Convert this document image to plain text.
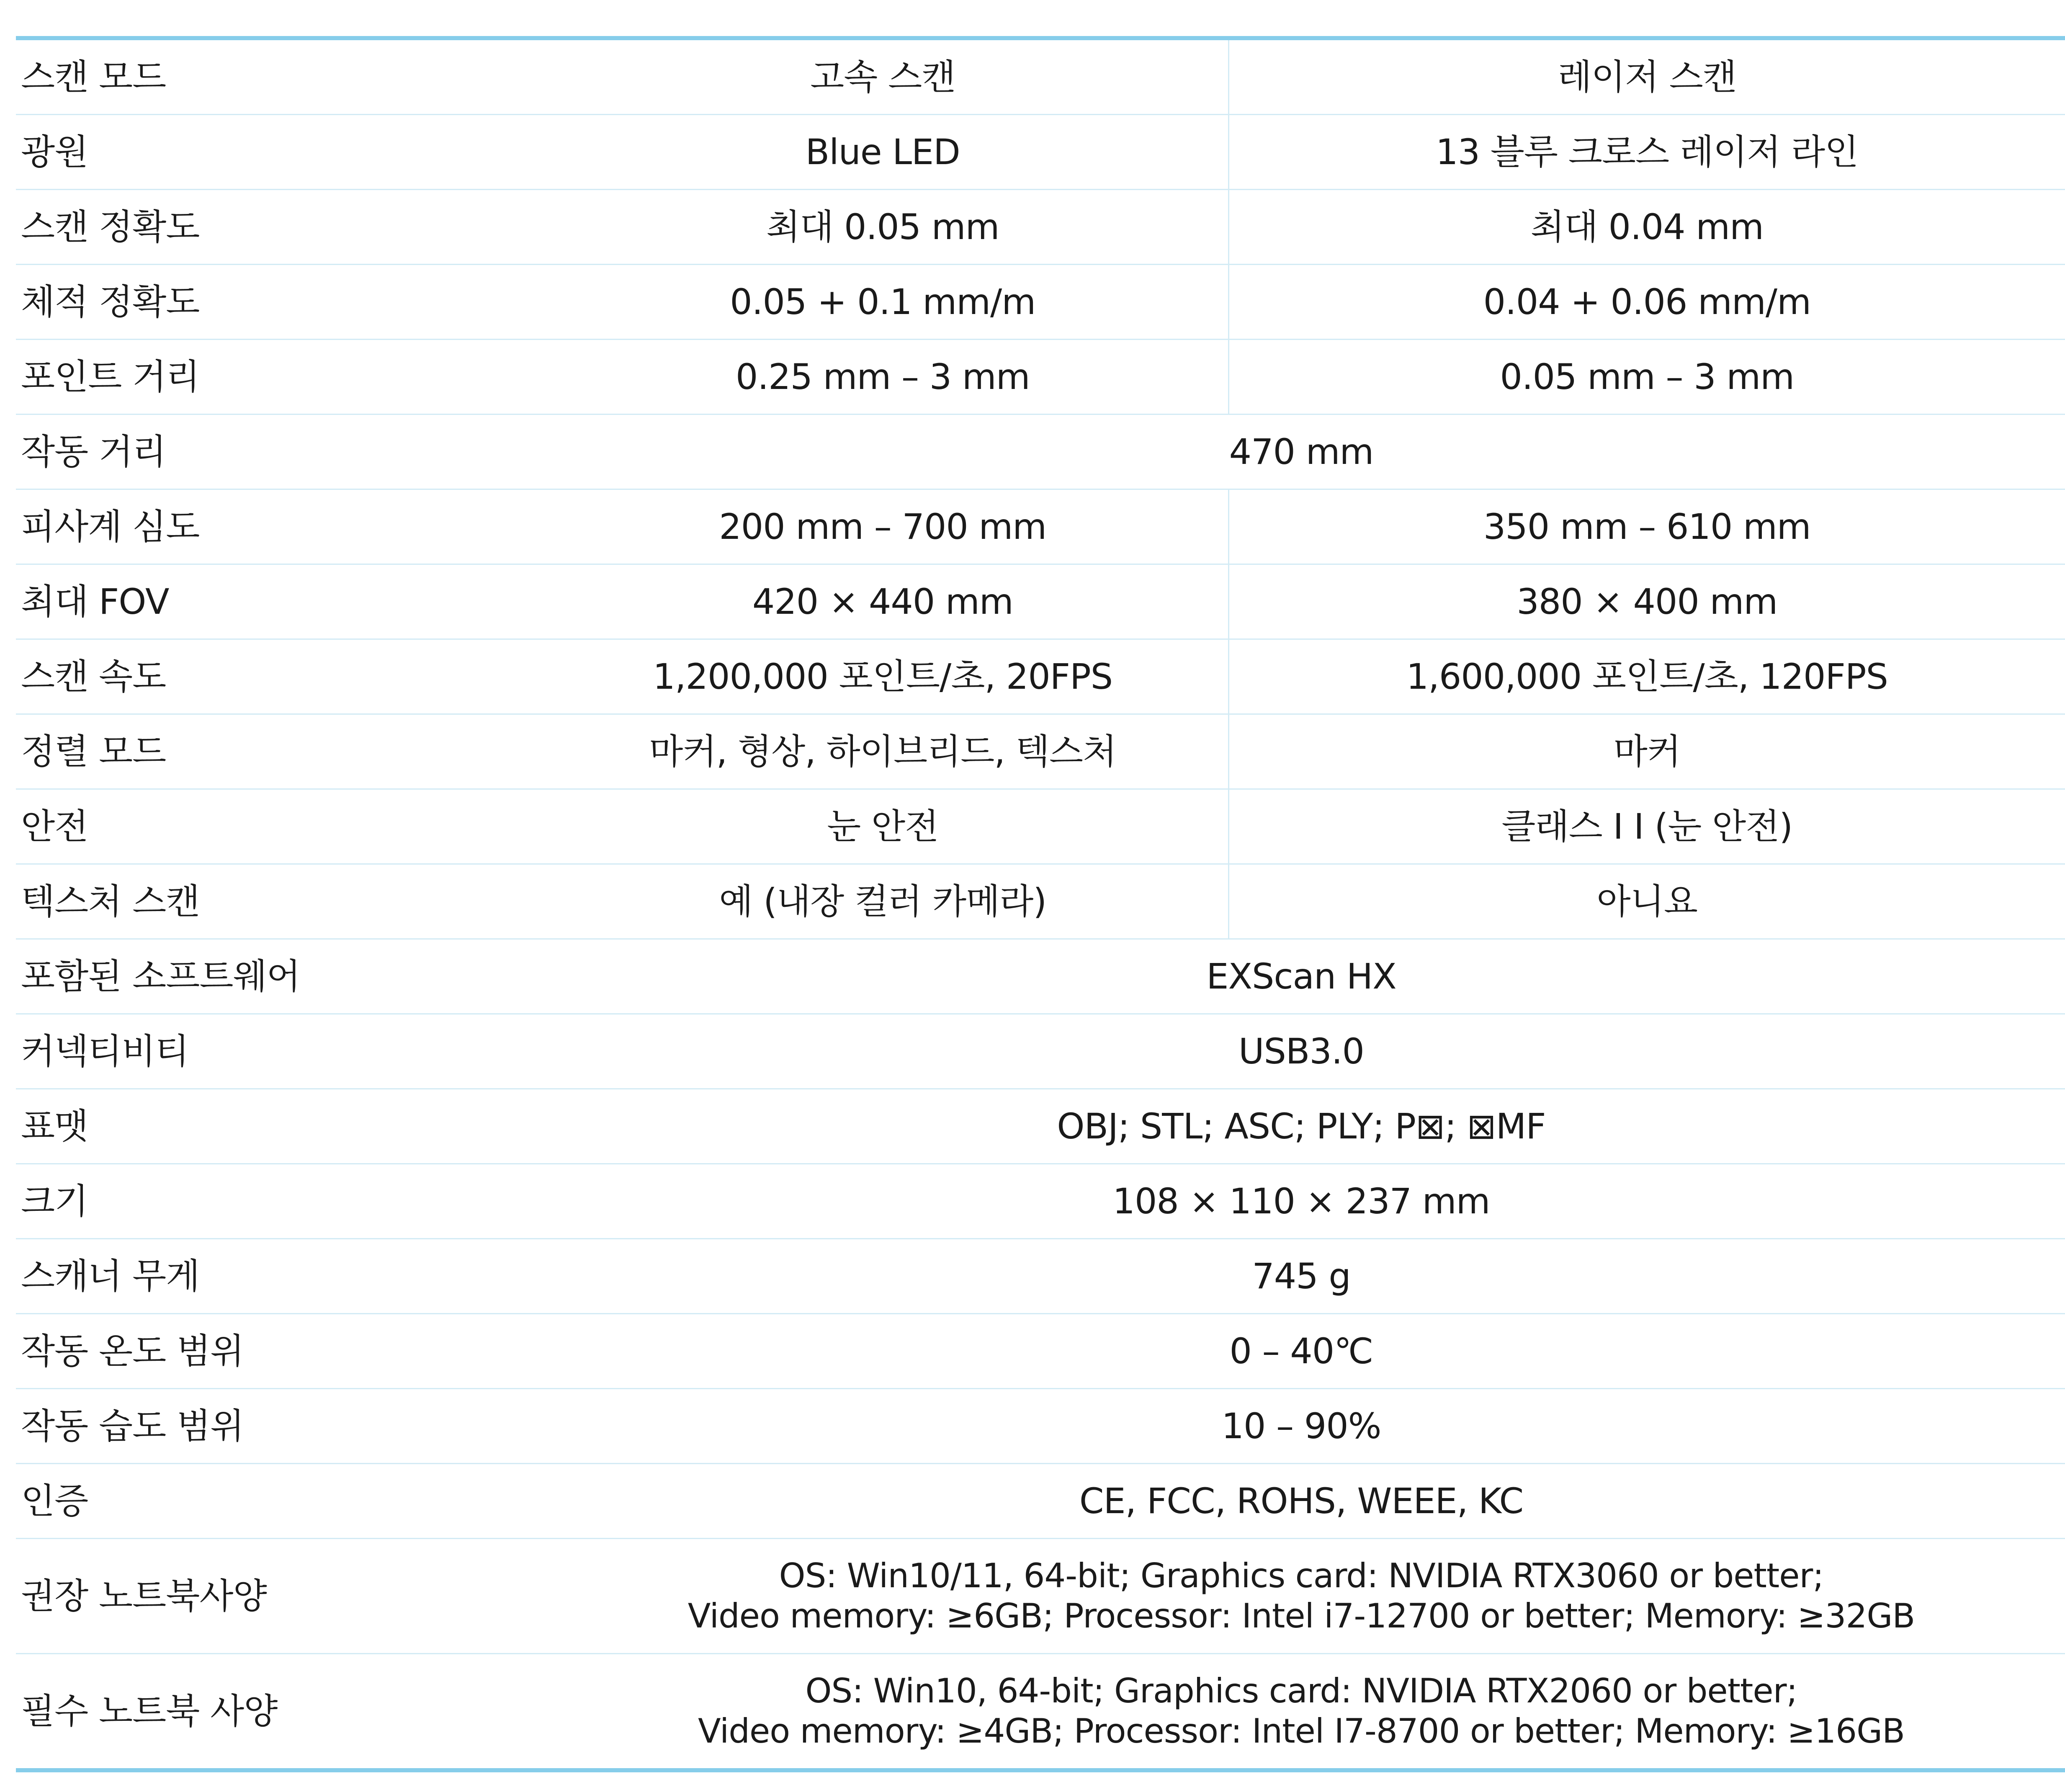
스캔 모드	고속 스캔	레이저 스캔
광원	Blue LED	13 블루 크로스 레이저 라인
스캔 정확도	최대 0.05 mm	최대 0.04 mm
체적 정확도	0.05 + 0.1 mm/m	0.04 + 0.06 mm/m
포인트 거리	0.25 mm – 3 mm	0.05 mm – 3 mm
작동 거리	470 mm	
피사계 심도	200 mm – 700 mm	350 mm – 610 mm
최대 FOV	420 × 440 mm	380 × 400 mm
스캔 속도	1,200,000 포인트/초, 20FPS	1,600,000 포인트/초, 120FPS
정렬 모드	마커, 형상, 하이브리드, 텍스처	마커
안전	눈 안전	클래스 I I (눈 안전)
텍스처 스캔	예 (내장 컬러 카메라)	아니요
포함된 소프트웨어	EXScan HX	
커넥티비티	USB3.0	
표맷	OBJ; STL; ASC; PLY; P⊠; ⊠MF	
크기	108 × 110 × 237 mm	
스캐너 무게	745 g	
작동 온도 범위	0 – 40℃	
작동 습도 범위	10 – 90%	
인증	CE, FCC, ROHS, WEEE, KC	
권장 노트북사양	OS: Win10/11, 64-bit; Graphics card: NVIDIA RTX3060 or better;
Video memory: ≥6GB; Processor: Intel i7-12700 or better; Memory: ≥32GB	

필수 노트북 사양	OS: Win10, 64-bit; Graphics card: NVIDIA RTX2060 or better;
Video memory: ≥4GB; Processor: Intel I7-8700 or better; Memory: ≥16GB	
